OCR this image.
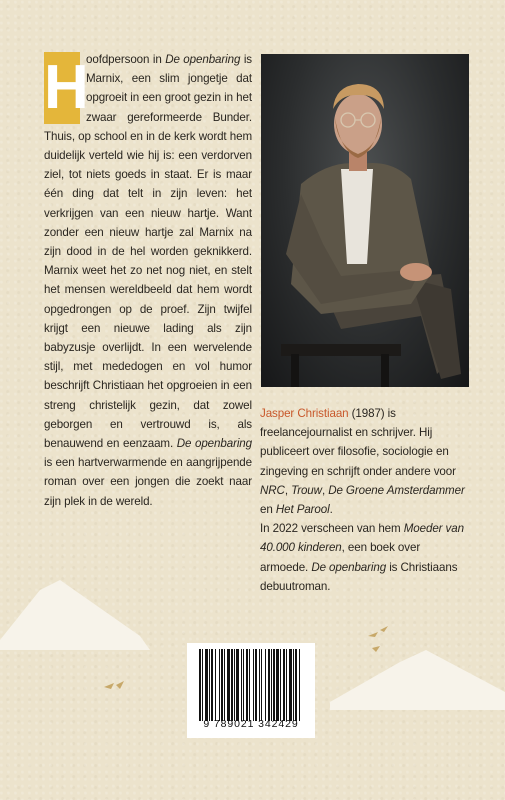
H

oofdpersoon in De openbaring is Marnix, een slim jongetje dat opgroeit in een groot gezin in het zwaar gereformeerde Bunder. Thuis, op school en in de kerk wordt hem duidelijk verteld wie hij is: een verdorven ziel, tot niets goeds in staat. Er is maar één ding dat telt in zijn leven: het verkrijgen van een nieuw hartje. Want zonder een nieuw hartje zal Marnix na zijn dood in de hel worden geknikkerd. Marnix weet het zo net nog niet, en stelt het mensen wereldbeeld dat hem wordt opgedrongen op de proef. Zijn twijfel krijgt een nieuwe lading als zijn babyzusje overlijdt. In een wervelende stijl, met mededogen en vol humor beschrijft Christiaan het opgroeien in een streng christelijk gezin, dat zowel geborgen en vertrouwd is, als benauwend en eenzaam. De openbaring is een hartverwarmende en aangrijpende roman over een jongen die zoekt naar zijn plek in de wereld.

Jasper Christiaan (1987) is freelancejournalist en schrijver. Hij publiceert over filosofie, sociologie en zingeving en schrijft onder andere voor NRC, Trouw, De Groene Amsterdammer en Het Parool.

In 2022 verscheen van hem Moeder van 40.000 kinderen, een boek over armoede. De openbaring is Christiaans debuutroman.

9 789021 342429
